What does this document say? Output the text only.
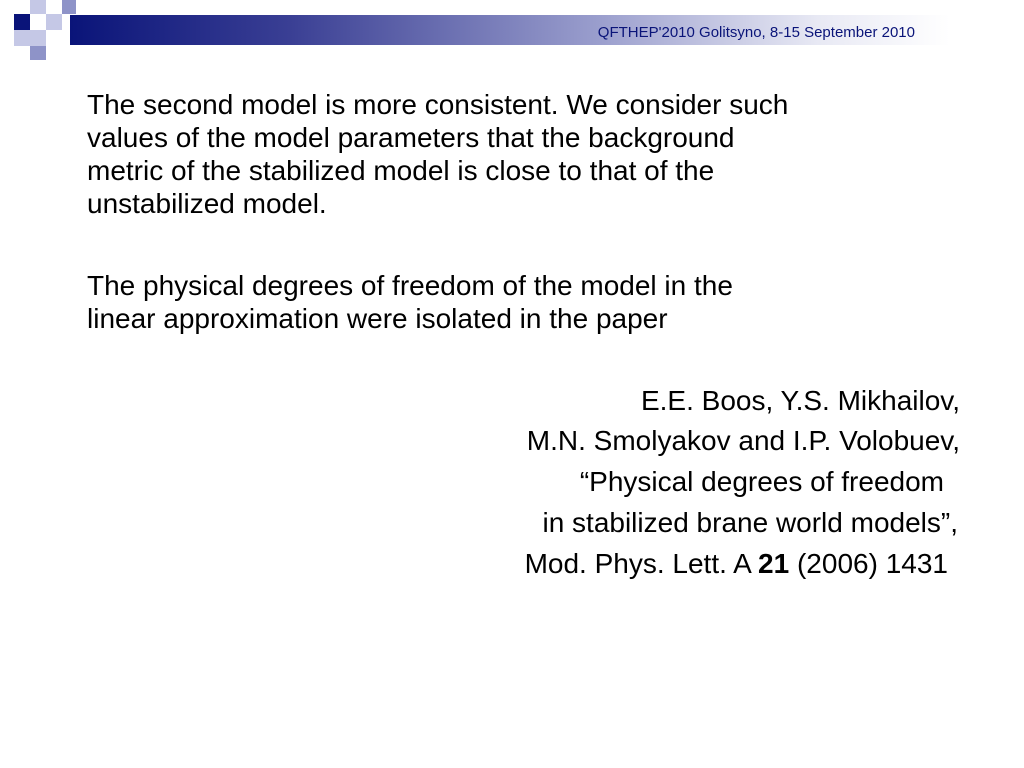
QFTHEP'2010 Golitsyno, 8-15 September 2010
The second model is more consistent. We consider such
values of the model parameters that the background
metric of the stabilized model is close to that of the
unstabilized model.
The physical degrees of freedom of the model in the
linear approximation were isolated in the paper
E.E. Boos, Y.S. Mikhailov,
M.N. Smolyakov and I.P. Volobuev,
“Physical degrees of freedom
in stabilized brane world models”,
Mod. Phys. Lett. A 21 (2006) 1431
